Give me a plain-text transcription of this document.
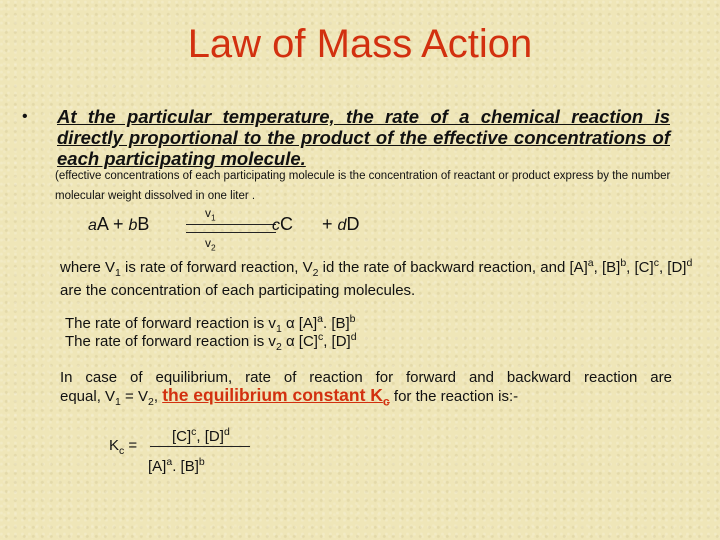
Law of Mass Action
• At the particular temperature, the rate of a chemical reaction is directly proportional to the product of the effective concentrations of each participating molecule.
(effective concentrations of each participating molecule is the concentration of reactant or product express by the number molecular weight dissolved in one liter .
aA + bB
$v_1$
$v_2$
cC + dD
where $V_1$ is rate of forward reaction, $V_2$ id the rate of backward reaction, and $[A]^a$, $[B]^b$, $[C]^c$, $[D]^d$ are the concentration of each participating molecules.
The rate of forward reaction is $v_1$ α $[A]^a$. $[B]^b$
The rate of forward reaction is $v_2$ α $[C]^c$, $[D]^d$
In case of equilibrium, rate of reaction for forward and backward reaction are
equal, $V_1 = V_2$, the equilibrium constant $K_c$ for the reaction is:-
$K_c$ =
$[C]^c$, $[D]^d$
$[A]^a$. $[B]^b$
